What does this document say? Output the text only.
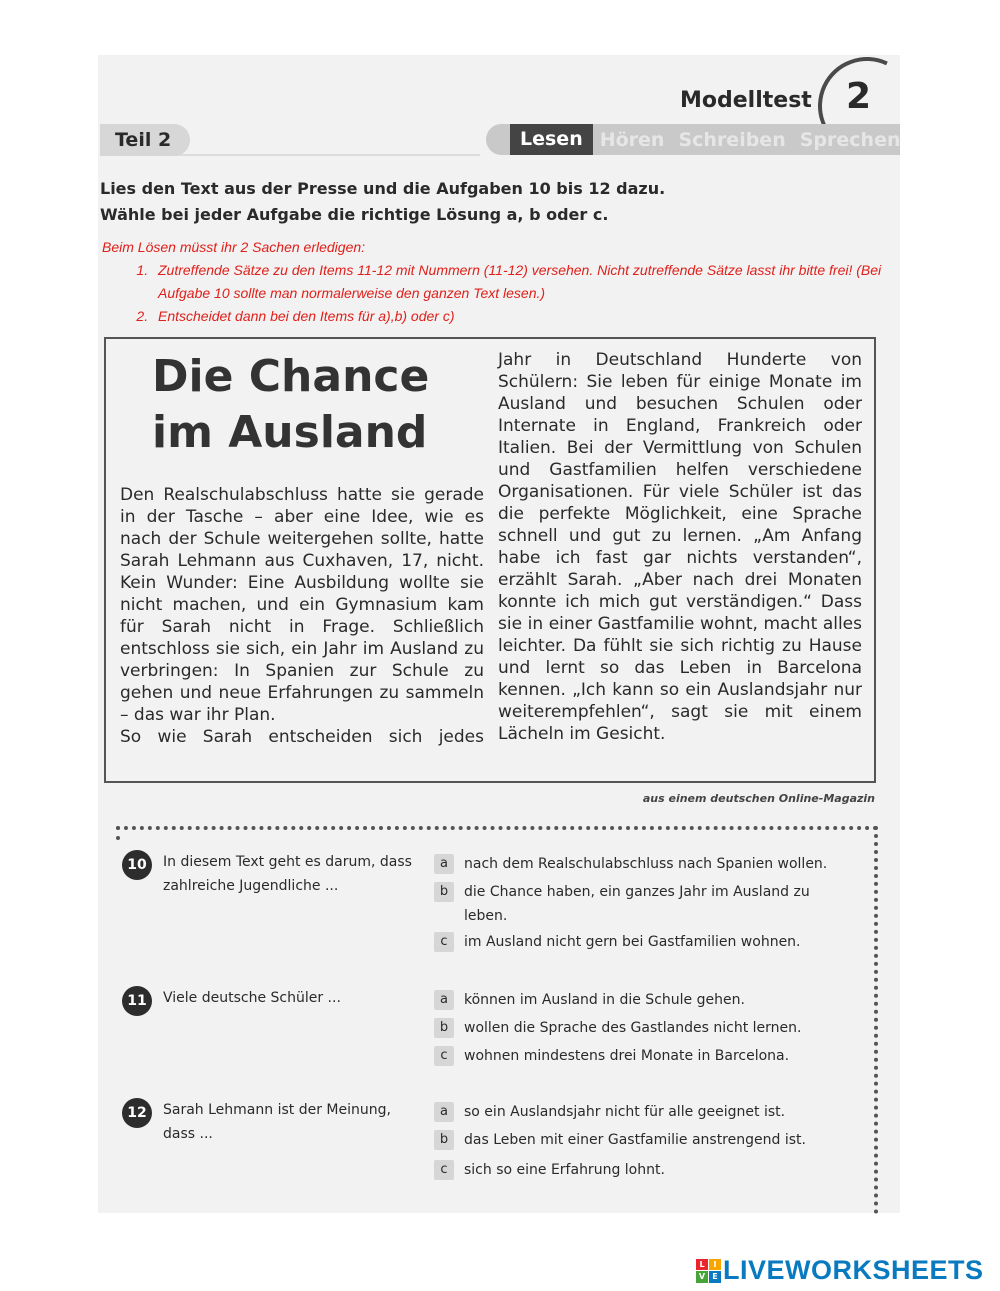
Modelltest 2
Teil 2	Lesen Hören Schreiben Sprechen
Lies den Text aus der Presse und die Aufgaben 10 bis 12 dazu.
Wähle bei jeder Aufgabe die richtige Lösung a, b oder c.
Beim Lösen müsst ihr 2 Sachen erledigen:
1. Zutreffende Sätze zu den Items 11-12 mit Nummern (11-12) versehen. Nicht zutreffende Sätze lasst ihr bitte frei! (Bei Aufgabe 10 sollte man normalerweise den ganzen Text lesen.)
2. Entscheidet dann bei den Items für a),b) oder c)
Die Chance
im Ausland
Den Realschulabschluss hatte sie gerade in der Tasche – aber eine Idee, wie es nach der Schule weitergehen sollte, hatte Sarah Lehmann aus Cuxhaven, 17, nicht. Kein Wunder: Eine Ausbildung wollte sie nicht machen, und ein Gymnasium kam für Sarah nicht in Frage. Schließlich entschloss sie sich, ein Jahr im Ausland zu verbringen: In Spanien zur Schule zu gehen und neue Erfahrungen zu sammeln – das war ihr Plan.
So wie Sarah entscheiden sich jedes
Jahr in Deutschland Hunderte von Schülern: Sie leben für einige Monate im Ausland und besuchen Schulen oder Internate in England, Frankreich oder Italien. Bei der Vermittlung von Schulen und Gastfamilien helfen verschiedene Organisationen. Für viele Schüler ist das die perfekte Möglichkeit, eine Sprache schnell und gut zu lernen. „Am Anfang habe ich fast gar nichts verstanden“, erzählt Sarah. „Aber nach drei Monaten konnte ich mich gut verständigen.“ Dass sie in einer Gastfamilie wohnt, macht alles leichter. Da fühlt sie sich richtig zu Hause und lernt so das Leben in Barcelona kennen. „Ich kann so ein Auslandsjahr nur weiterempfehlen“, sagt sie mit einem Lächeln im Gesicht.
aus einem deutschen Online-Magazin
10	In diesem Text geht es darum, dass zahlreiche Jugendliche ...
a	nach dem Realschulabschluss nach Spanien wollen.
b	die Chance haben, ein ganzes Jahr im Ausland zu leben.
c	im Ausland nicht gern bei Gastfamilien wohnen.
11	Viele deutsche Schüler ...	a	können im Ausland in die Schule gehen.
b	wollen die Sprache des Gastlandes nicht lernen.
c	wohnen mindestens drei Monate in Barcelona.
12	Sarah Lehmann ist der Meinung, dass ...
a	so ein Auslandsjahr nicht für alle geeignet ist.
b	das Leben mit einer Gastfamilie anstrengend ist.
c	sich so eine Erfahrung lohnt.
L	I
V E LIVEWORKSHEETS
